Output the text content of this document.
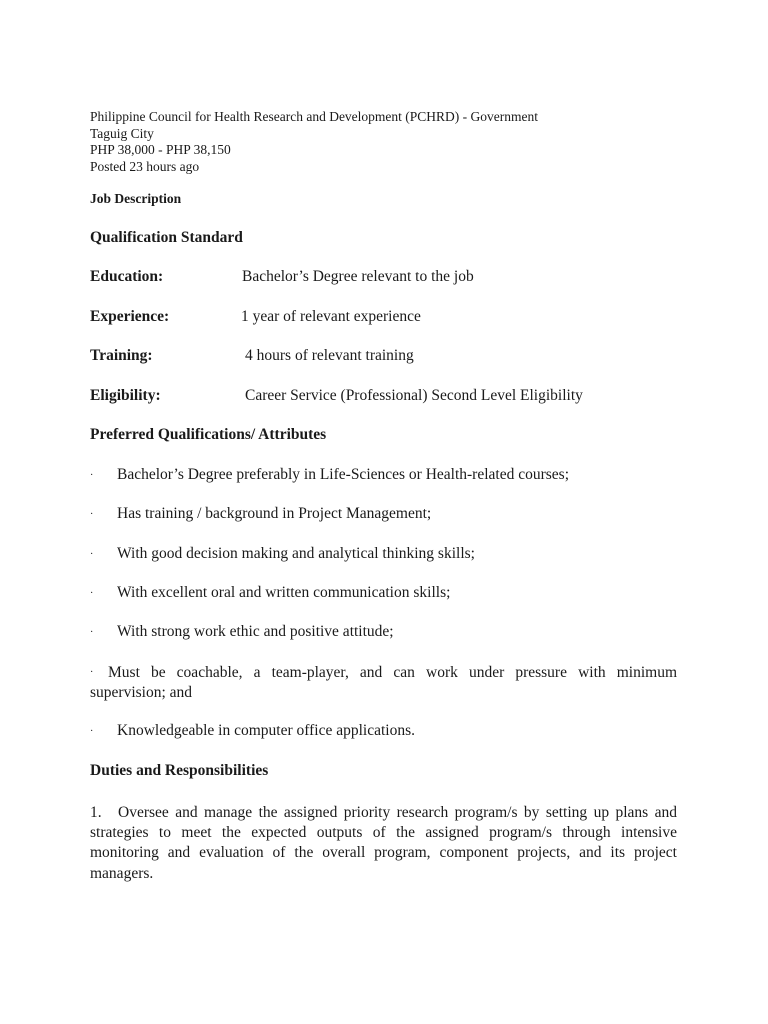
Philippine Council for Health Research and Development (PCHRD) - Government
Taguig City
PHP 38,000 - PHP 38,150
Posted 23 hours ago
Job Description
Qualification Standard
Education:	Bachelor’s Degree relevant to the job
Experience:	1 year of relevant experience
Training:	4 hours of relevant training
Eligibility:	Career Service (Professional) Second Level Eligibility
Preferred Qualifications/ Attributes
· Bachelor’s Degree preferably in Life-Sciences or Health-related courses;
· Has training / background in Project Management;
· With good decision making and analytical thinking skills;
· With excellent oral and written communication skills;
· With strong work ethic and positive attitude;
· Must be coachable, a team-player, and can work under pressure with minimum supervision; and
· Knowledgeable in computer office applications.
Duties and Responsibilities
1. Oversee and manage the assigned priority research program/s by setting up plans and strategies to meet the expected outputs of the assigned program/s through intensive monitoring and evaluation of the overall program, component projects, and its project managers.
